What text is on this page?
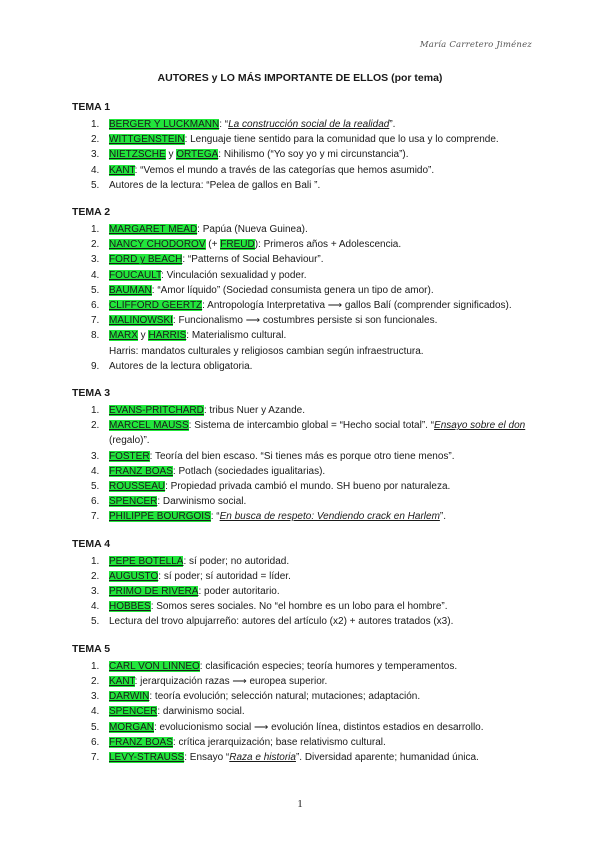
María Carretero Jiménez
AUTORES y LO MÁS IMPORTANTE DE ELLOS (por tema)
TEMA 1
1. BERGER Y LUCKMANN: “La construcción social de la realidad”.
2. WITTGENSTEIN: Lenguaje tiene sentido para la comunidad que lo usa y lo comprende.
3. NIETZSCHE y ORTEGA: Nihilismo (“Yo soy yo y mi circunstancia”).
4. KANT: “Vemos el mundo a través de las categorías que hemos asumido”.
5. Autores de la lectura: “Pelea de gallos en Bali ”.
TEMA 2
1. MARGARET MEAD: Papúa (Nueva Guinea).
2. NANCY CHODOROV (+ FREUD): Primeros años + Adolescencia.
3. FORD y BEACH: “Patterns of Social Behaviour”.
4. FOUCAULT: Vinculación sexualidad y poder.
5. BAUMAN: “Amor líquido” (Sociedad consumista genera un tipo de amor).
6. CLIFFORD GEERTZ: Antropología Interpretativa ⟶ gallos Balí (comprender significados).
7. MALINOWSKI: Funcionalismo ⟶ costumbres persiste si son funcionales.
8. MARX y HARRIS: Materialismo cultural.
Harris: mandatos culturales y religiosos cambian según infraestructura.
9. Autores de la lectura obligatoria.
TEMA 3
1. EVANS-PRITCHARD: tribus Nuer y Azande.
2. MARCEL MAUSS: Sistema de intercambio global = “Hecho social total”. “Ensayo sobre el don (regalo)”.
3. FOSTER: Teoría del bien escaso. “Si tienes más es porque otro tiene menos”.
4. FRANZ BOAS: Potlach (sociedades igualitarias).
5. ROUSSEAU: Propiedad privada cambió el mundo. SH bueno por naturaleza.
6. SPENCER: Darwinismo social.
7. PHILIPPE BOURGOIS: “En busca de respeto: Vendiendo crack en Harlem”.
TEMA 4
1. PEPE BOTELLA: sí poder; no autoridad.
2. AUGUSTO: sí poder; sí autoridad = líder.
3. PRIMO DE RIVERA: poder autoritario.
4. HOBBES: Somos seres sociales. No “el hombre es un lobo para el hombre”.
5. Lectura del trovo alpujarreño: autores del artículo (x2) + autores tratados (x3).
TEMA 5
1. CARL VON LINNEO: clasificación especies; teoría humores y temperamentos.
2. KANT: jerarquización razas ⟶ europea superior.
3. DARWIN: teoría evolución; selección natural; mutaciones; adaptación.
4. SPENCER: darwinismo social.
5. MORGAN: evolucionismo social ⟶ evolución línea, distintos estadios en desarrollo.
6. FRANZ BOAS: crítica jerarquización; base relativismo cultural.
7. LEVY-STRAUSS: Ensayo “Raza e historia”. Diversidad aparente; humanidad única.
1
